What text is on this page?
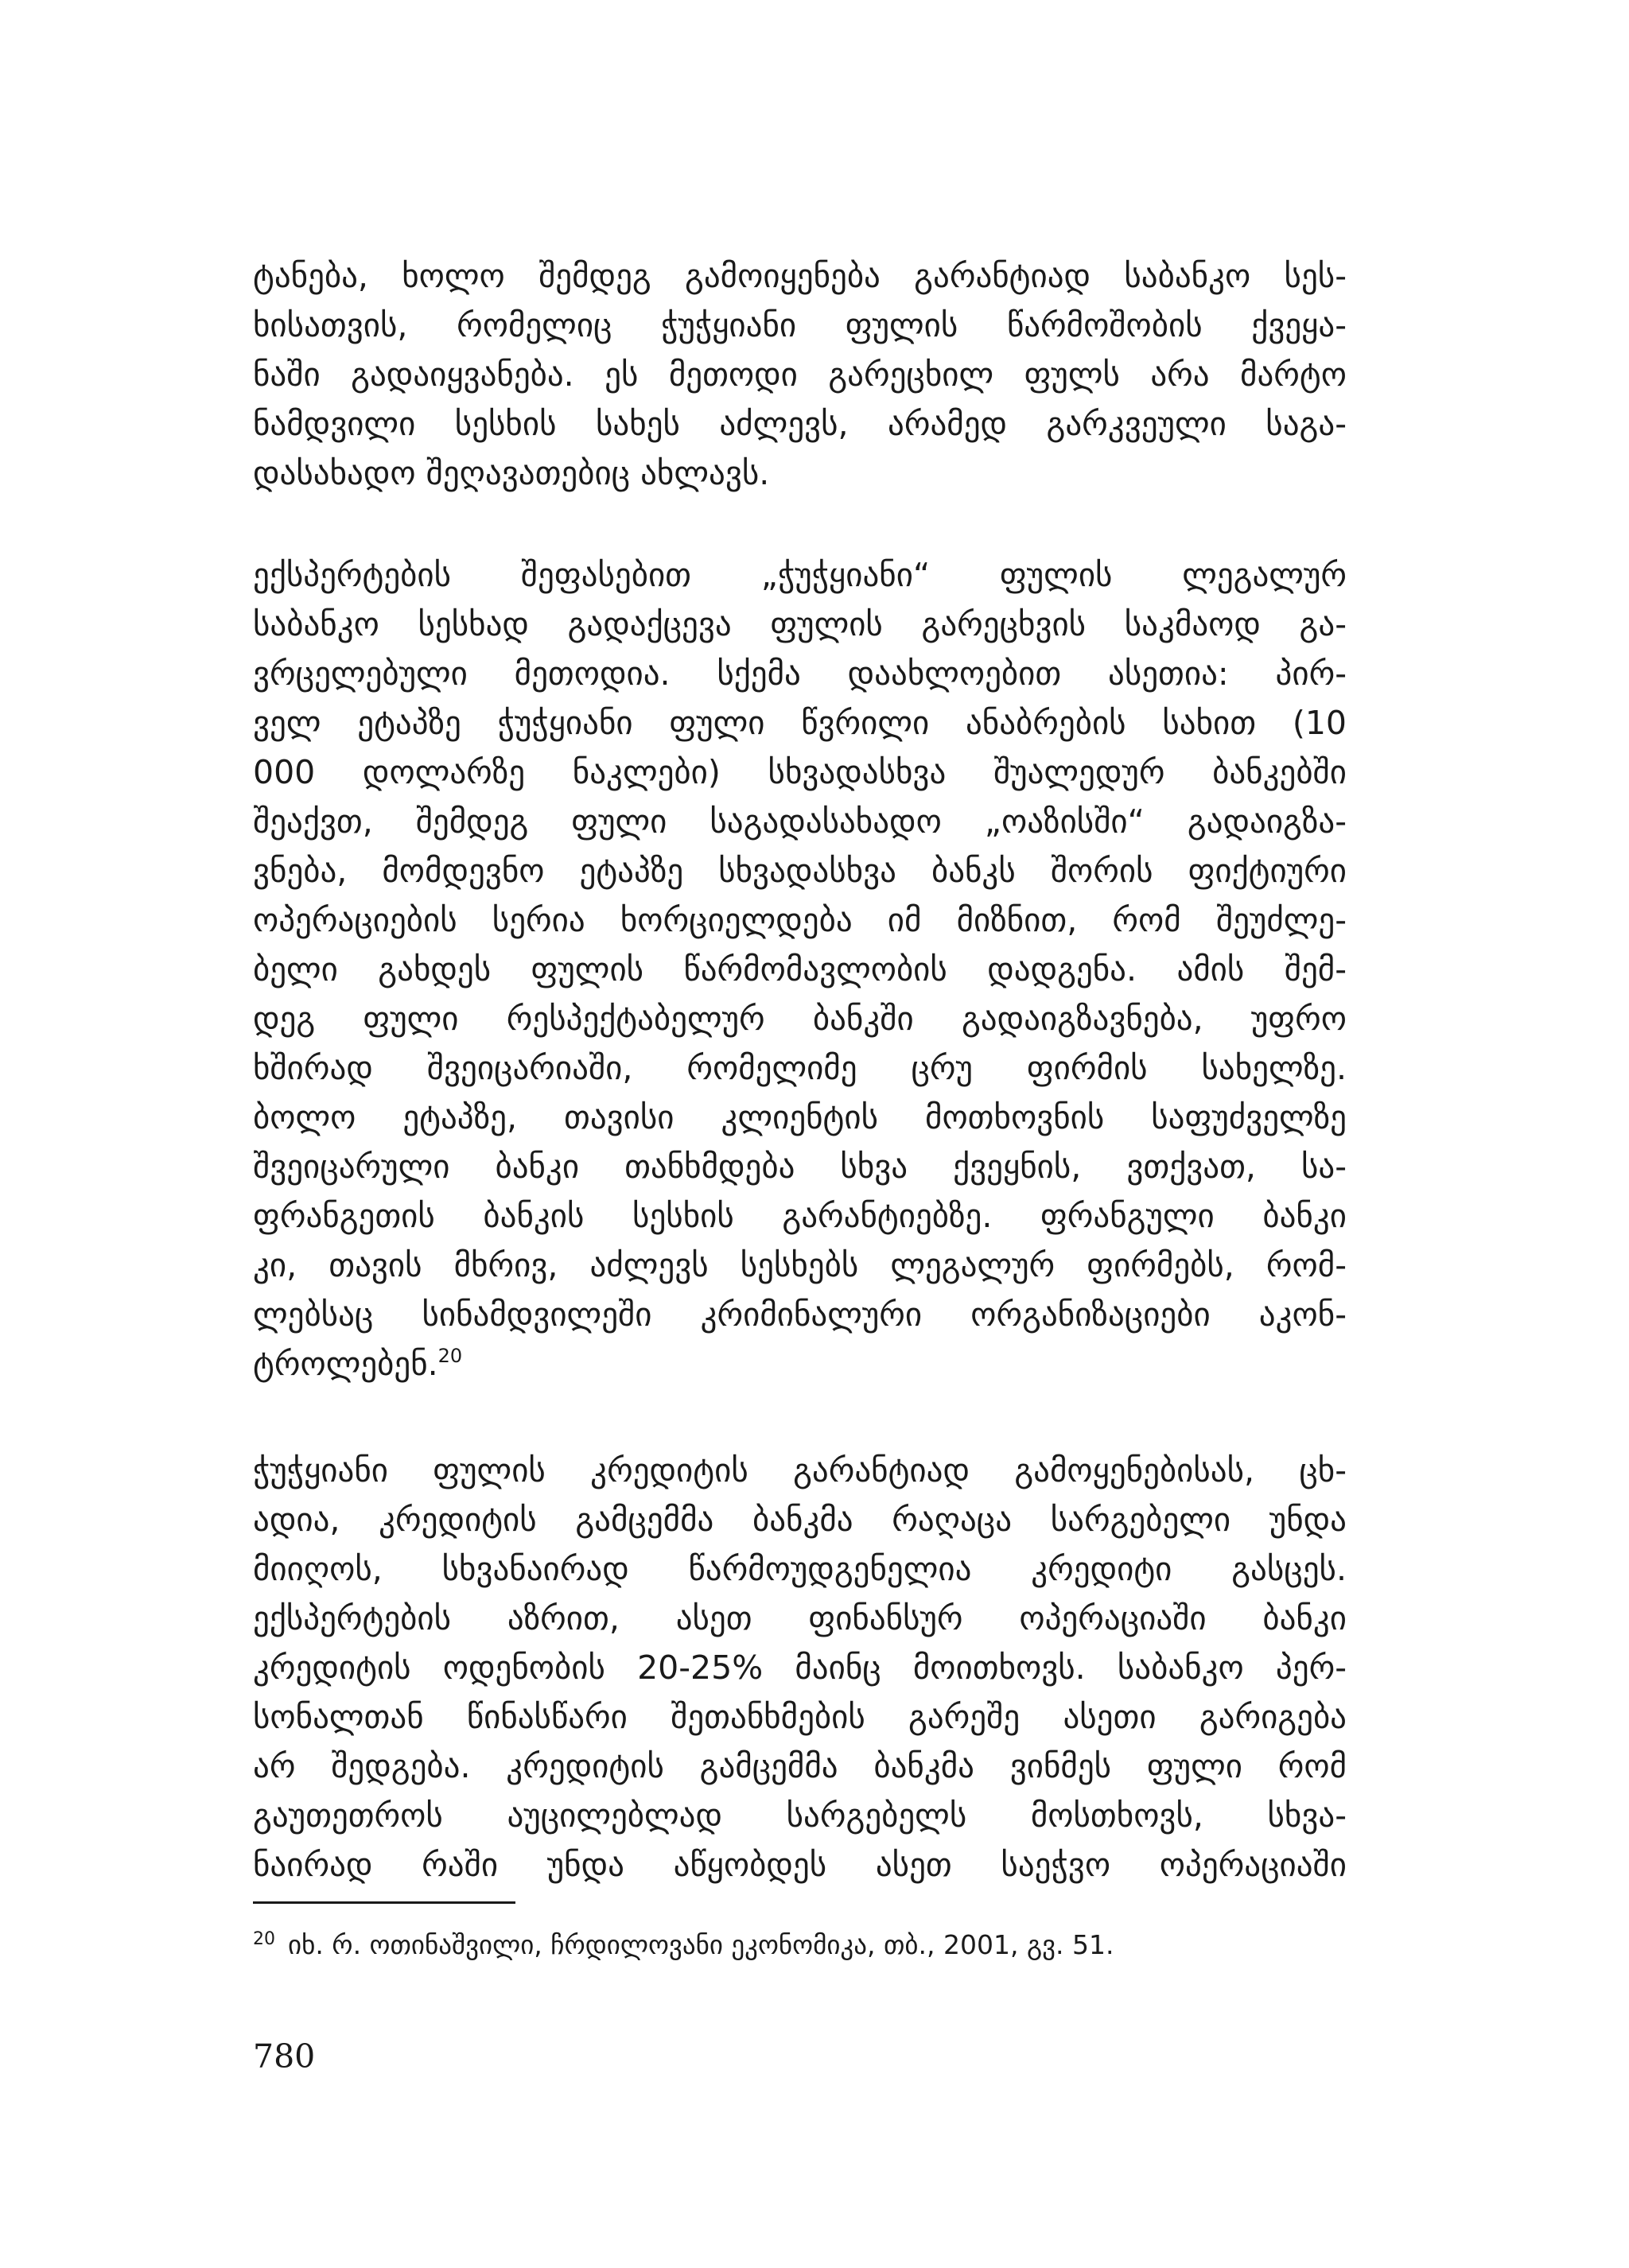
ტანება, ხოლო შემდეგ გამოიყენება გარანტიად საბანკო სეს-
ხისათვის, რომელიც ჭუჭყიანი ფულის წარმოშობის ქვეყა-
ნაში გადაიყვანება. ეს მეთოდი გარეცხილ ფულს არა მარტო
ნამდვილი სესხის სახეს აძლევს, არამედ გარკვეული საგა-
დასახადო შეღავათებიც ახლავს.
ექსპერტების შეფასებით „ჭუჭყიანი“ ფულის ლეგალურ
საბანკო სესხად გადაქცევა ფულის გარეცხვის საკმაოდ გა-
ვრცელებული მეთოდია. სქემა დაახლოებით ასეთია: პირ-
ველ ეტაპზე ჭუჭყიანი ფული წვრილი ანაბრების სახით (10
000 დოლარზე ნაკლები) სხვადასხვა შუალედურ ბანკებში
შეაქვთ, შემდეგ ფული საგადასახადო „ოაზისში“ გადაიგზა-
ვნება, მომდევნო ეტაპზე სხვადასხვა ბანკს შორის ფიქტიური
ოპერაციების სერია ხორციელდება იმ მიზნით, რომ შეუძლე-
ბელი გახდეს ფულის წარმომავლობის დადგენა. ამის შემ-
დეგ ფული რესპექტაბელურ ბანკში გადაიგზავნება, უფრო
ხშირად შვეიცარიაში, რომელიმე ცრუ ფირმის სახელზე.
ბოლო ეტაპზე, თავისი კლიენტის მოთხოვნის საფუძველზე
შვეიცარული ბანკი თანხმდება სხვა ქვეყნის, ვთქვათ, სა-
ფრანგეთის ბანკის სესხის გარანტიებზე. ფრანგული ბანკი
კი, თავის მხრივ, აძლევს სესხებს ლეგალურ ფირმებს, რომ-
ლებსაც სინამდვილეში კრიმინალური ორგანიზაციები აკონ-
ტროლებენ.$^{20}$
ჭუჭყიანი ფულის კრედიტის გარანტიად გამოყენებისას, ცხ-
ადია, კრედიტის გამცემმა ბანკმა რაღაცა სარგებელი უნდა
მიიღოს, სხვანაირად წარმოუდგენელია კრედიტი გასცეს.
ექსპერტების აზრით, ასეთ ფინანსურ ოპერაციაში ბანკი
კრედიტის ოდენობის 20-25% მაინც მოითხოვს. საბანკო პერ-
სონალთან წინასწარი შეთანხმების გარეშე ასეთი გარიგება
არ შედგება. კრედიტის გამცემმა ბანკმა ვინმეს ფული რომ
გაუთეთროს აუცილებლად სარგებელს მოსთხოვს, სხვა-
ნაირად რაში უნდა აწყობდეს ასეთ საეჭვო ოპერაციაში
$^{20}$ იხ. რ. ოთინაშვილი, ჩრდილოვანი ეკონომიკა, თბ., 2001, გვ. 51.
780
